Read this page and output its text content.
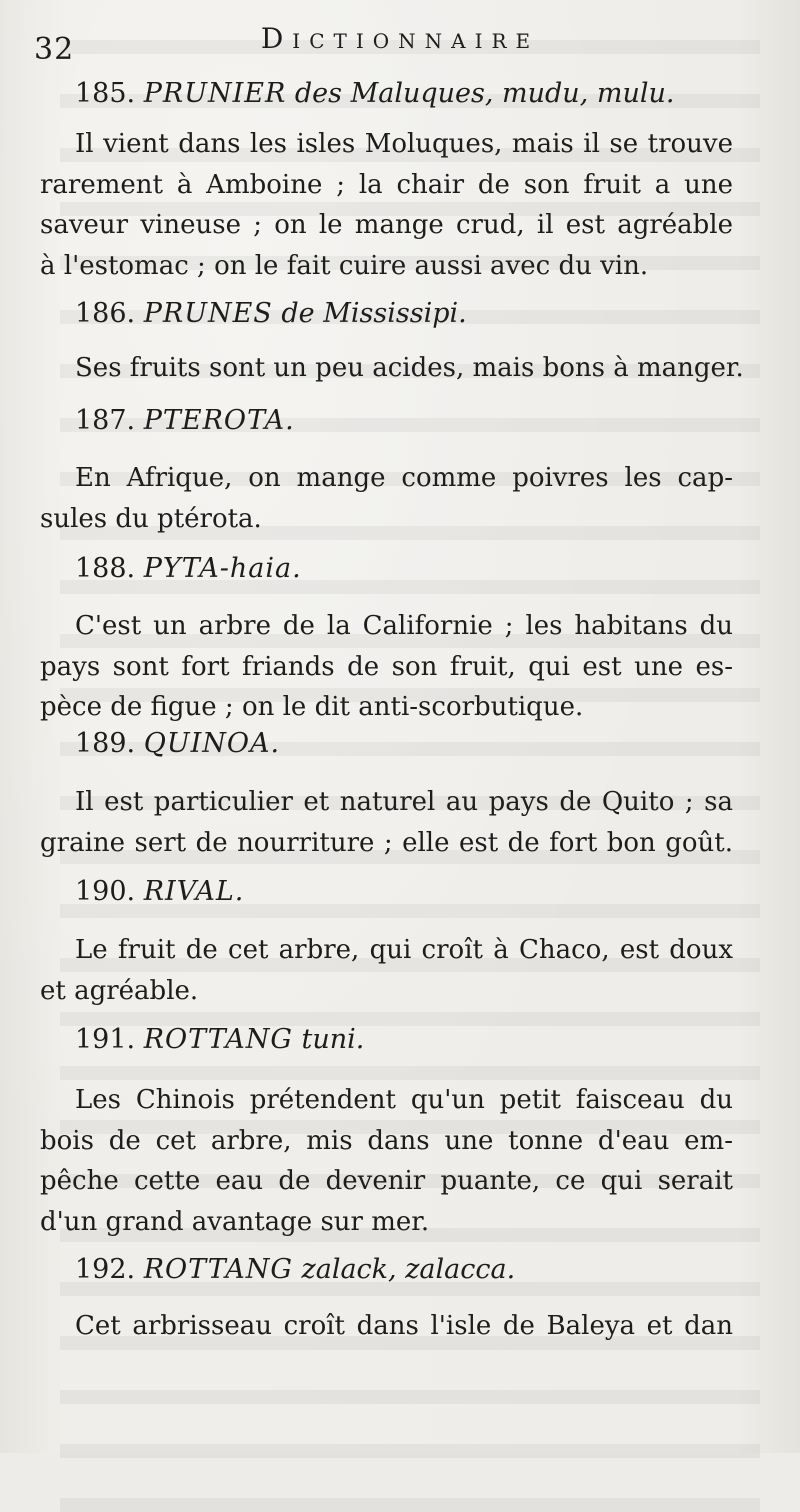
32	Dictionnaire
185. PRUNIER des Maluques, mudu, mulu.
Il vient dans les isles Moluques, mais il se trouve
rarement à Amboine ; la chair de son fruit a une
saveur vineuse ; on le mange crud, il est agréable
à l'estomac ; on le fait cuire aussi avec du vin.
186. PRUNES de Mississipi.
Ses fruits sont un peu acides, mais bons à manger.
187. PTEROTA.
En Afrique, on mange comme poivres les cap-
sules du ptérota.
188. PYTA-haia.
C'est un arbre de la Californie ; les habitans du
pays sont fort friands de son fruit, qui est une es-
pèce de figue ; on le dit anti-scorbutique.
189. QUINOA.
Il est particulier et naturel au pays de Quito ; sa
graine sert de nourriture ; elle est de fort bon goût.
190. RIVAL.
Le fruit de cet arbre, qui croît à Chaco, est doux
et agréable.
191. ROTTANG tuni.
Les Chinois prétendent qu'un petit faisceau du
bois de cet arbre, mis dans une tonne d'eau em-
pêche cette eau de devenir puante, ce qui serait
d'un grand avantage sur mer.
192. ROTTANG zalack, zalacca.
Cet arbrisseau croît dans l'isle de Baleya et dan
